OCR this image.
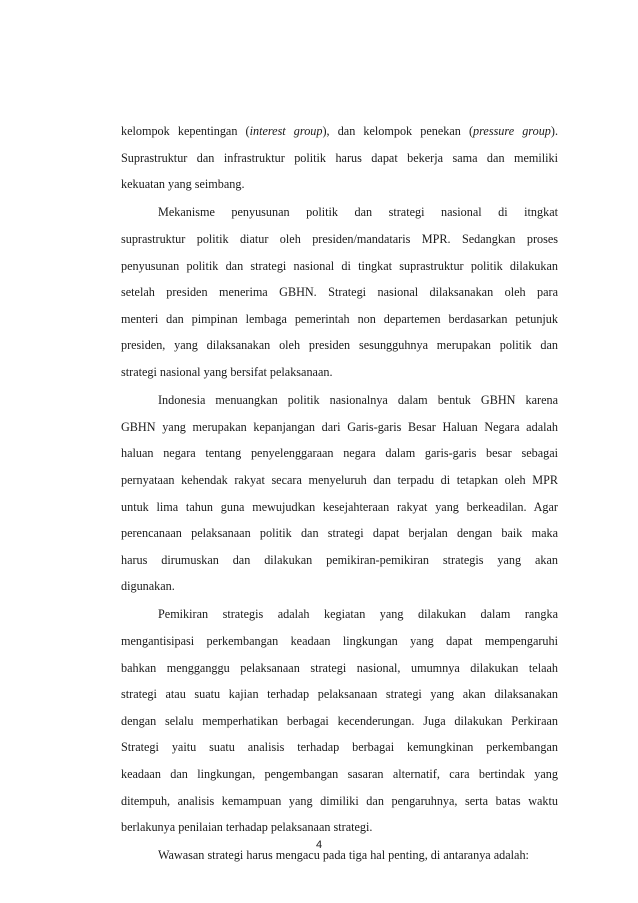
kelompok kepentingan (interest group), dan kelompok penekan (pressure group).
Suprastruktur dan infrastruktur politik harus dapat bekerja sama dan memiliki
kekuatan yang seimbang.
Mekanisme penyusunan politik dan strategi nasional di itngkat
suprastruktur politik diatur oleh presiden/mandataris MPR. Sedangkan proses
penyusunan politik dan strategi nasional di tingkat suprastruktur politik dilakukan
setelah presiden menerima GBHN. Strategi nasional dilaksanakan oleh para
menteri dan pimpinan lembaga pemerintah non departemen berdasarkan petunjuk
presiden, yang dilaksanakan oleh presiden sesungguhnya merupakan politik dan
strategi nasional yang bersifat pelaksanaan.
Indonesia menuangkan politik nasionalnya dalam bentuk GBHN karena
GBHN yang merupakan kepanjangan dari Garis-garis Besar Haluan Negara adalah
haluan negara tentang penyelenggaraan negara dalam garis-garis besar sebagai
pernyataan kehendak rakyat secara menyeluruh dan terpadu di tetapkan oleh MPR
untuk lima tahun guna mewujudkan kesejahteraan rakyat yang berkeadilan. Agar
perencanaan pelaksanaan politik dan strategi dapat berjalan dengan baik maka
harus dirumuskan dan dilakukan pemikiran-pemikiran strategis yang akan
digunakan.
Pemikiran strategis adalah kegiatan yang dilakukan dalam rangka
mengantisipasi perkembangan keadaan lingkungan yang dapat mempengaruhi
bahkan mengganggu pelaksanaan strategi nasional, umumnya dilakukan telaah
strategi atau suatu kajian terhadap pelaksanaan strategi yang akan dilaksanakan
dengan selalu memperhatikan berbagai kecenderungan. Juga dilakukan Perkiraan
Strategi yaitu suatu analisis terhadap berbagai kemungkinan perkembangan
keadaan dan lingkungan, pengembangan sasaran alternatif, cara bertindak yang
ditempuh, analisis kemampuan yang dimiliki dan pengaruhnya, serta batas waktu
berlakunya penilaian terhadap pelaksanaan strategi.
Wawasan strategi harus mengacu pada tiga hal penting, di antaranya adalah:
4
